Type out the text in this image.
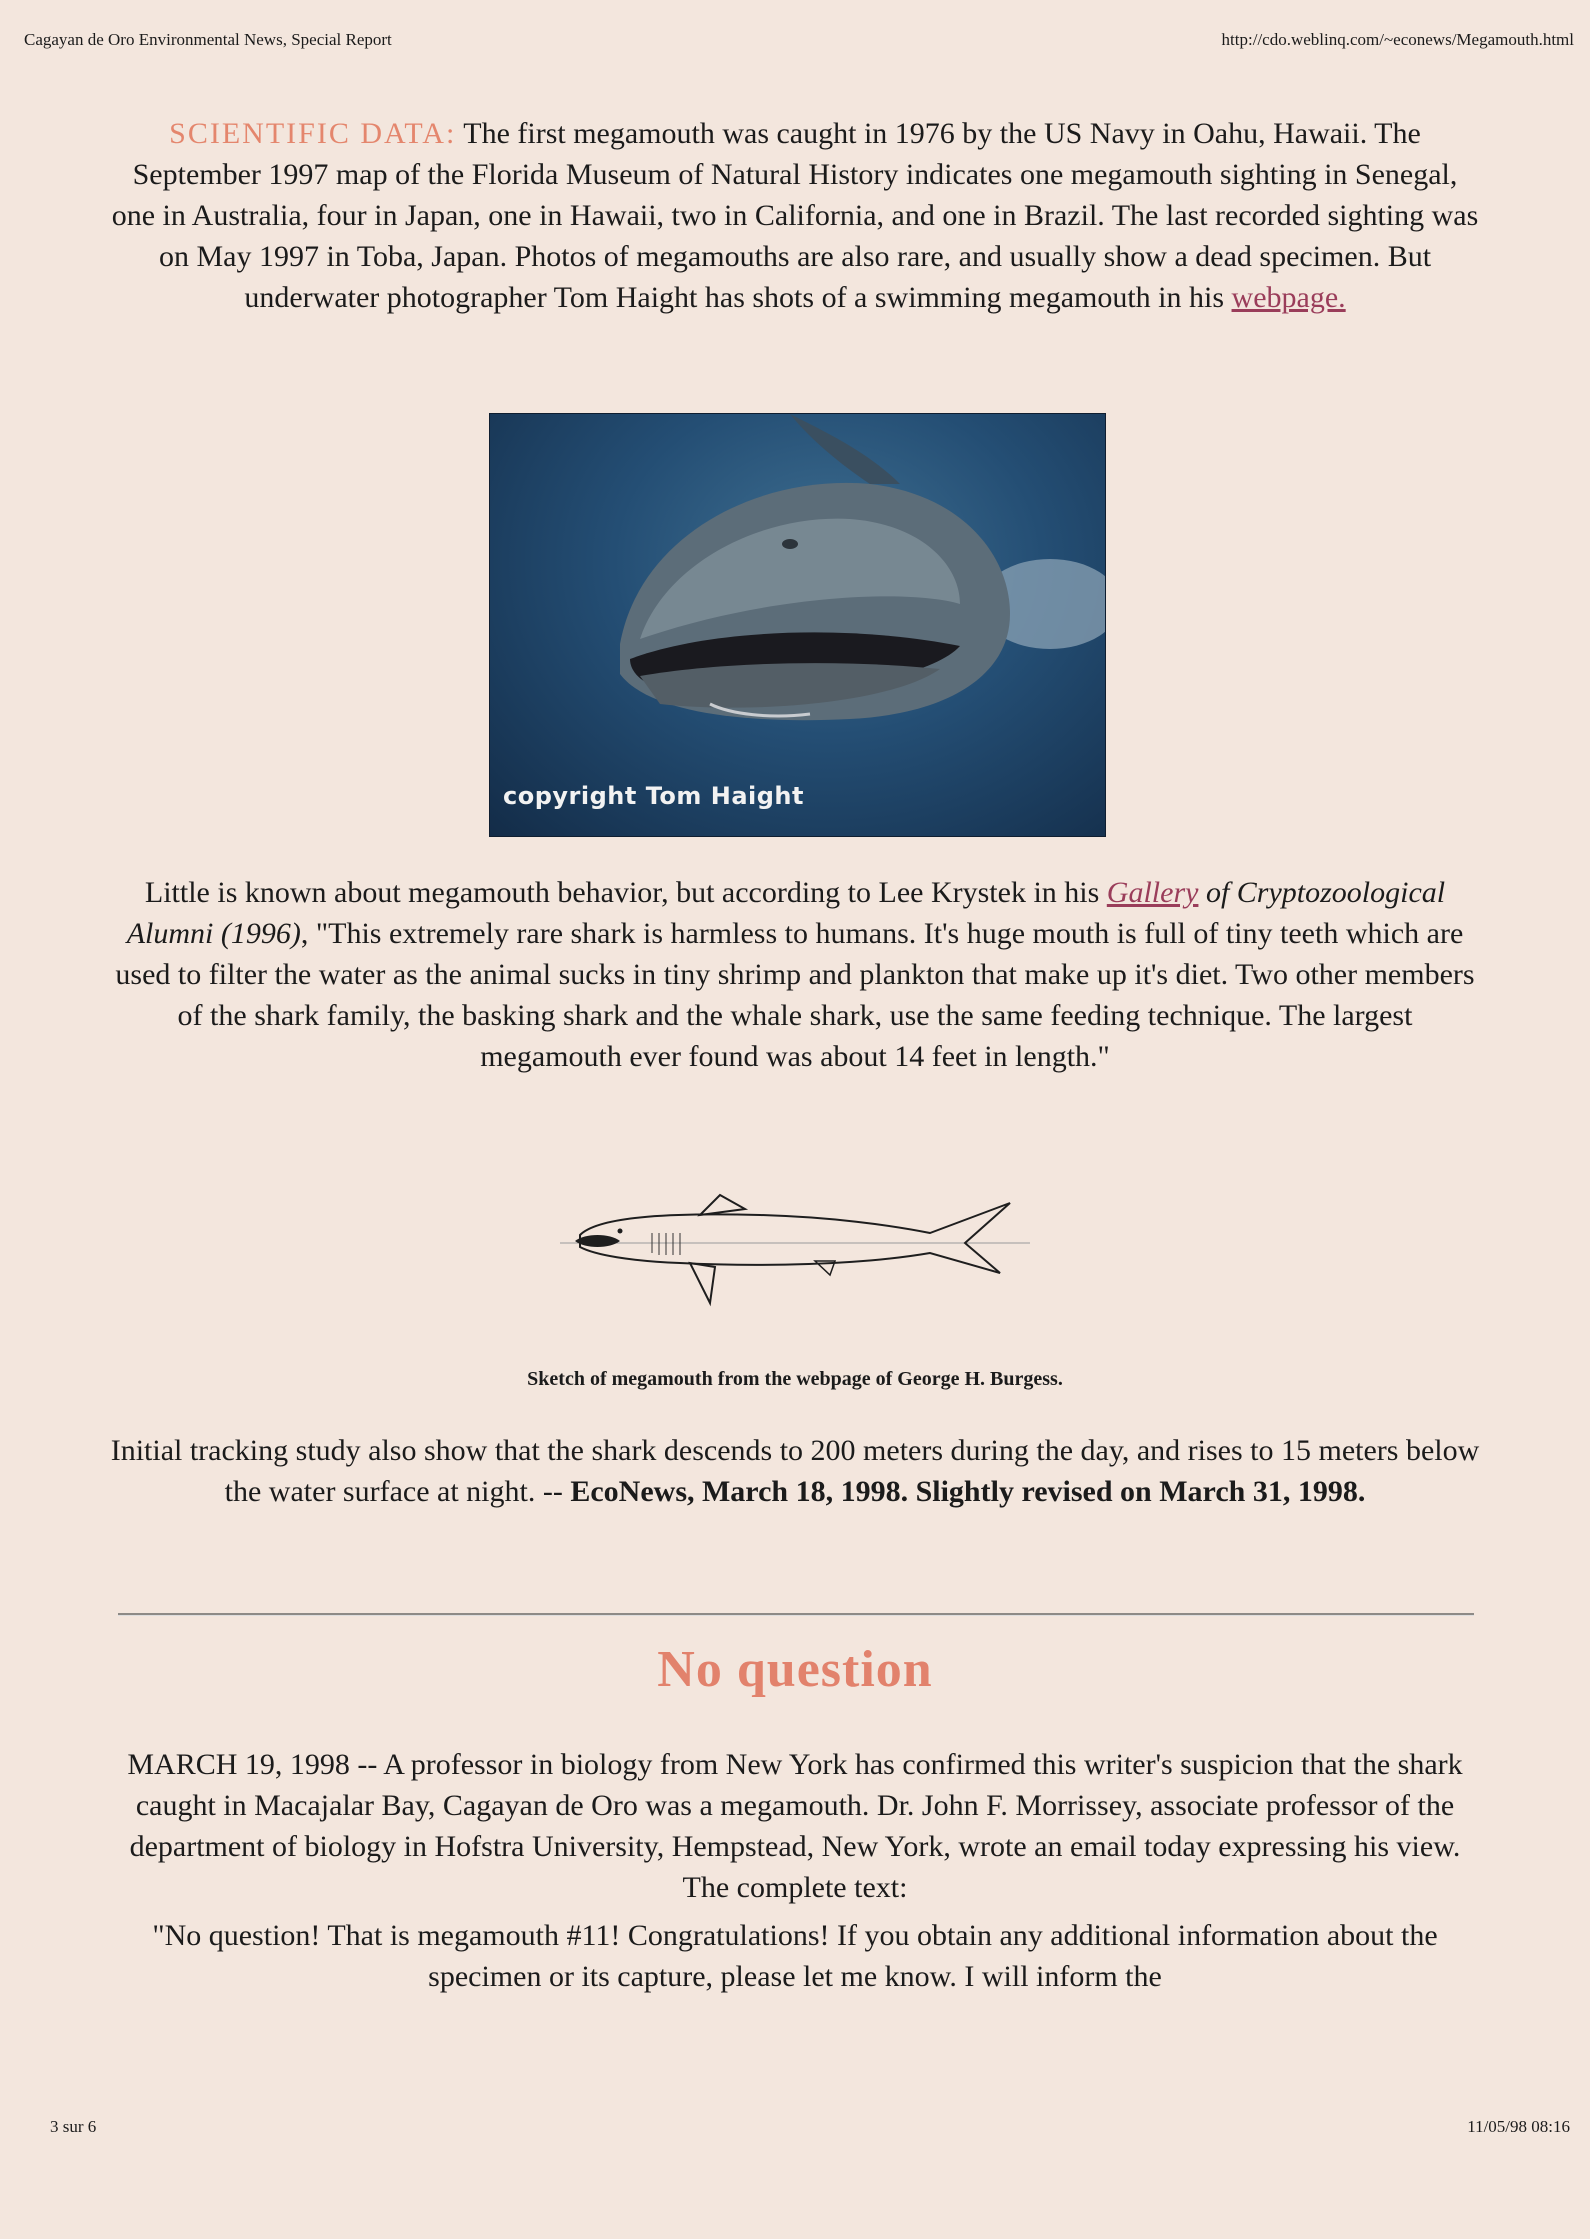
Cagayan de Oro Environmental News, Special Report	http://cdo.weblinq.com/~econews/Megamouth.html
SCIENTIFIC DATA: The first megamouth was caught in 1976 by the US Navy in Oahu, Hawaii. The September 1997 map of the Florida Museum of Natural History indicates one megamouth sighting in Senegal, one in Australia, four in Japan, one in Hawaii, two in California, and one in Brazil. The last recorded sighting was on May 1997 in Toba, Japan. Photos of megamouths are also rare, and usually show a dead specimen. But underwater photographer Tom Haight has shots of a swimming megamouth in his webpage.
copyright Tom Haight
Little is known about megamouth behavior, but according to Lee Krystek in his Gallery of Cryptozoological Alumni (1996), "This extremely rare shark is harmless to humans. It's huge mouth is full of tiny teeth which are used to filter the water as the animal sucks in tiny shrimp and plankton that make up it's diet. Two other members of the shark family, the basking shark and the whale shark, use the same feeding technique. The largest megamouth ever found was about 14 feet in length."
Sketch of megamouth from the webpage of George H. Burgess.
Initial tracking study also show that the shark descends to 200 meters during the day, and rises to 15 meters below the water surface at night. -- EcoNews, March 18, 1998. Slightly revised on March 31, 1998.
No question
MARCH 19, 1998 -- A professor in biology from New York has confirmed this writer's suspicion that the shark caught in Macajalar Bay, Cagayan de Oro was a megamouth. Dr. John F. Morrissey, associate professor of the department of biology in Hofstra University, Hempstead, New York, wrote an email today expressing his view. The complete text:
"No question! That is megamouth #11! Congratulations! If you obtain any additional information about the specimen or its capture, please let me know. I will inform the
3 sur 6	11/05/98 08:16
